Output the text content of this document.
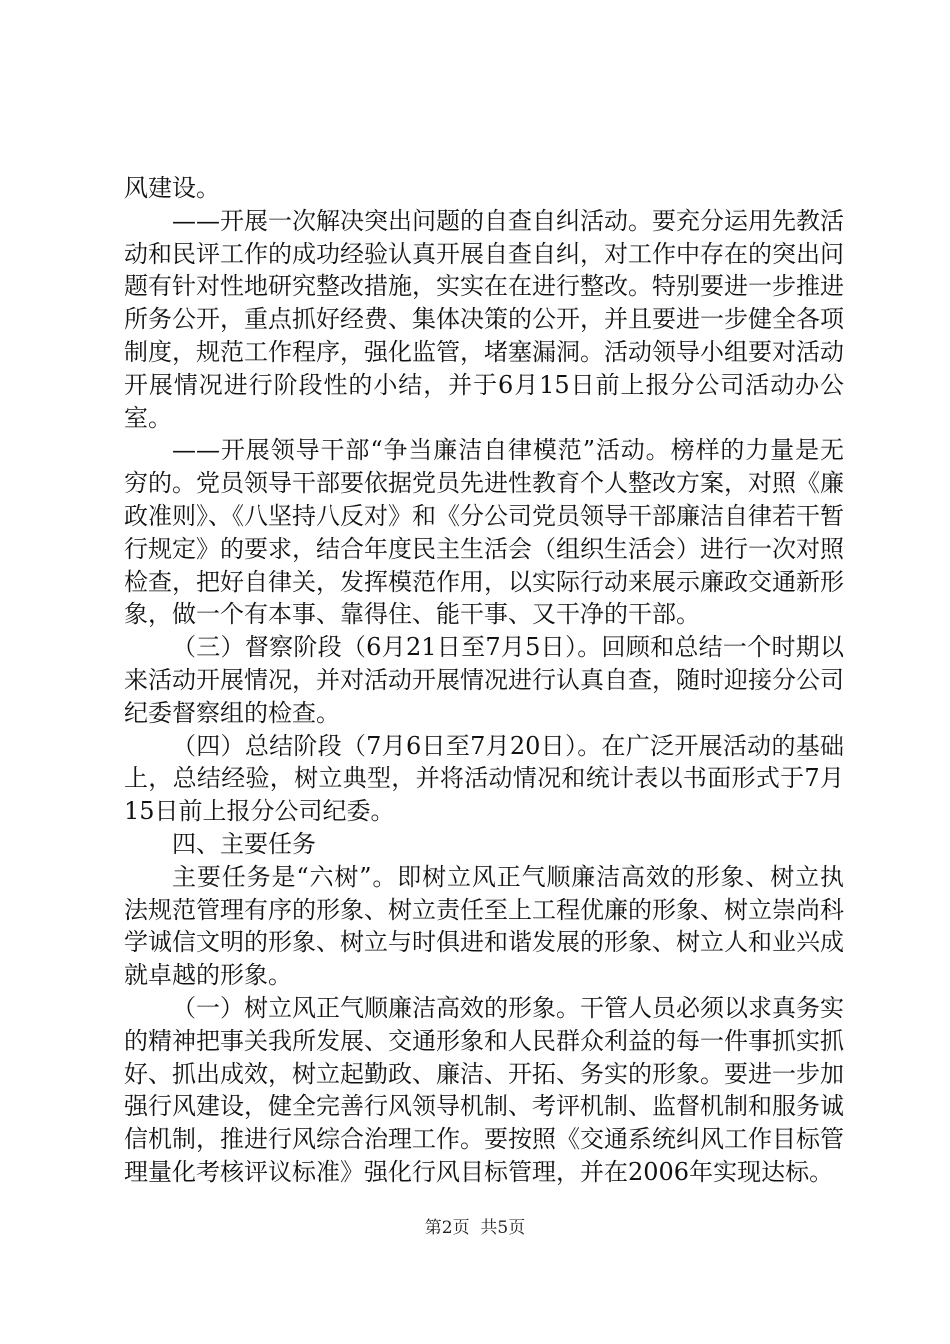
风建设。

——开展一次解决突出问题的自查自纠活动。要充分运用先教活动和民评工作的成功经验认真开展自查自纠，对工作中存在的突出问题有针对性地研究整改措施，实实在在进行整改。特别要进一步推进所务公开，重点抓好经费、集体决策的公开，并且要进一步健全各项制度，规范工作程序，强化监管，堵塞漏洞。活动领导小组要对活动开展情况进行阶段性的小结，并于6月15日前上报分公司活动办公室。

——开展领导干部“争当廉洁自律模范”活动。榜样的力量是无穷的。党员领导干部要依据党员先进性教育个人整改方案，对照《廉政准则》、《八坚持八反对》和《分公司党员领导干部廉洁自律若干暂行规定》的要求，结合年度民主生活会（组织生活会）进行一次对照检查，把好自律关，发挥模范作用，以实际行动来展示廉政交通新形象，做一个有本事、靠得住、能干事、又干净的干部。

（三）督察阶段（6月21日至7月5日）。回顾和总结一个时期以来活动开展情况，并对活动开展情况进行认真自查，随时迎接分公司纪委督察组的检查。

（四）总结阶段（7月6日至7月20日）。在广泛开展活动的基础上，总结经验，树立典型，并将活动情况和统计表以书面形式于7月15日前上报分公司纪委。

四、主要任务

主要任务是“六树”。即树立风正气顺廉洁高效的形象、树立执法规范管理有序的形象、树立责任至上工程优廉的形象、树立崇尚科学诚信文明的形象、树立与时俱进和谐发展的形象、树立人和业兴成就卓越的形象。

（一）树立风正气顺廉洁高效的形象。干管人员必须以求真务实的精神把事关我所发展、交通形象和人民群众利益的每一件事抓实抓好、抓出成效，树立起勤政、廉洁、开拓、务实的形象。要进一步加强行风建设，健全完善行风领导机制、考评机制、监督机制和服务诚信机制，推进行风综合治理工作。要按照《交通系统纠风工作目标管理量化考核评议标准》强化行风目标管理，并在2006年实现达标。

第2页 共5页
